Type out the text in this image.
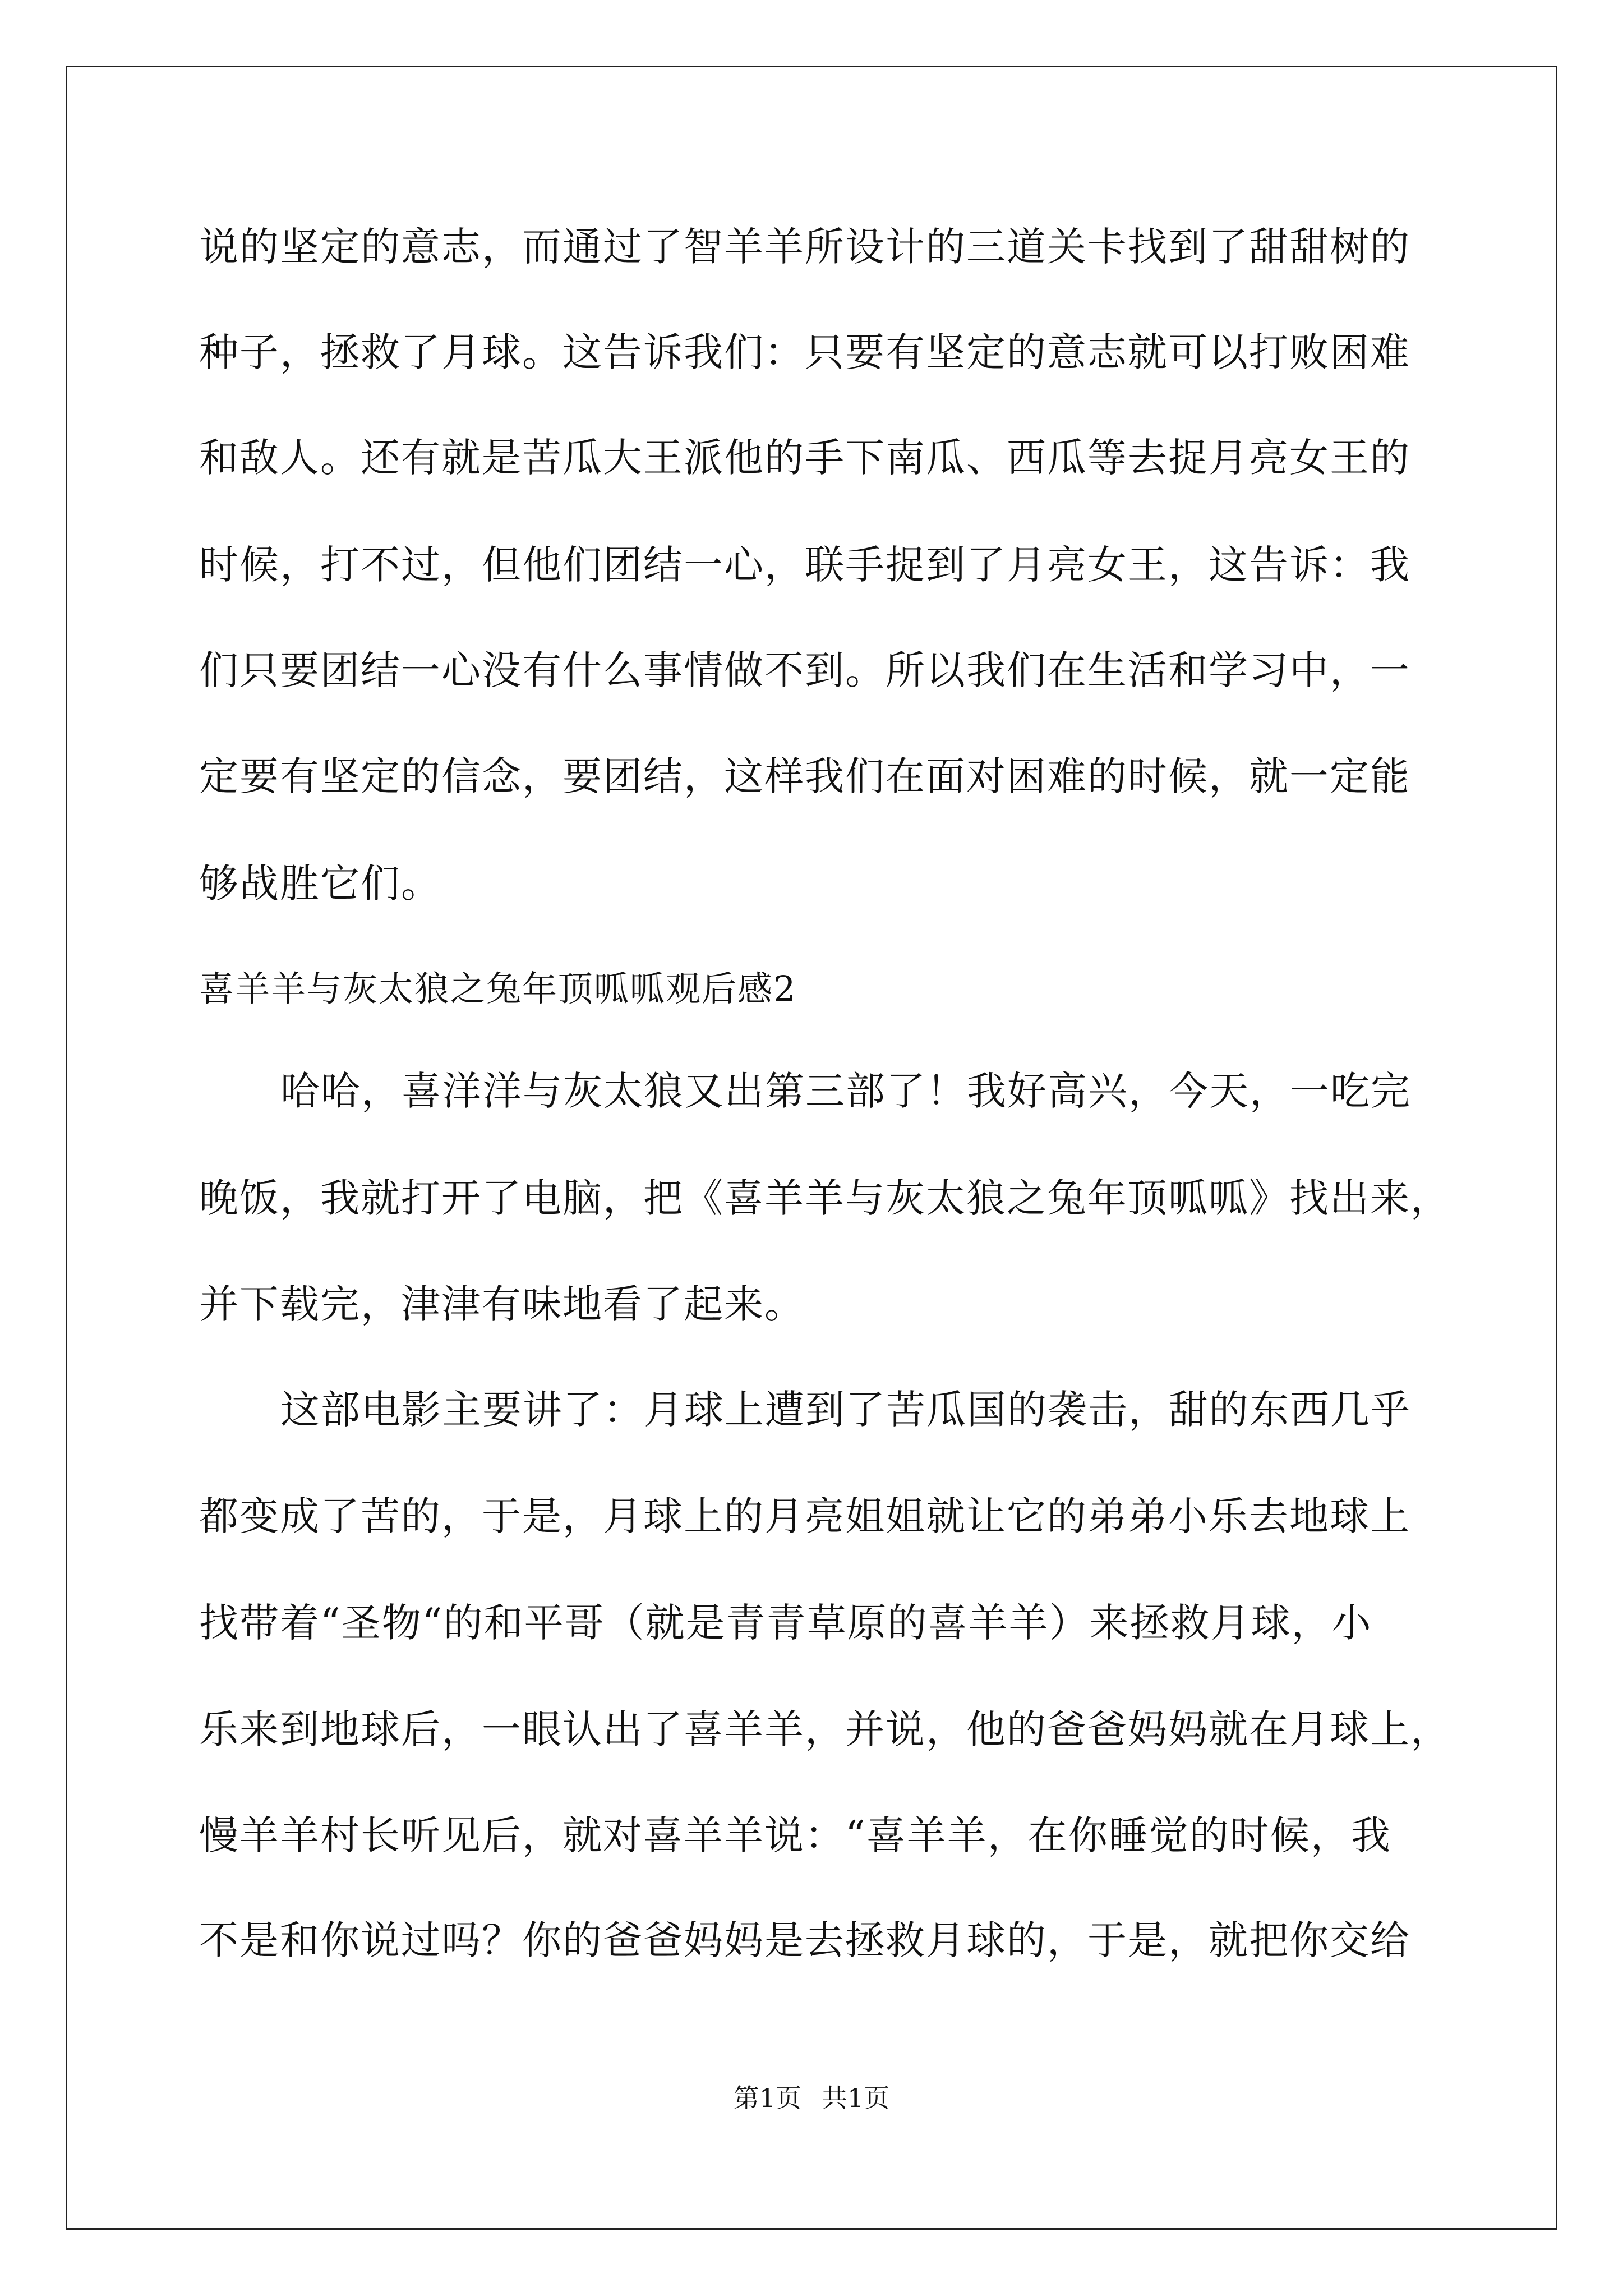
说的坚定的意志，而通过了智羊羊所设计的三道关卡找到了甜甜树的
种子，拯救了月球。这告诉我们：只要有坚定的意志就可以打败困难
和敌人。还有就是苦瓜大王派他的手下南瓜、西瓜等去捉月亮女王的
时候，打不过，但他们团结一心，联手捉到了月亮女王，这告诉：我
们只要团结一心没有什么事情做不到。所以我们在生活和学习中，一
定要有坚定的信念，要团结，这样我们在面对困难的时候，就一定能
够战胜它们。
喜羊羊与灰太狼之兔年顶呱呱观后感2
哈哈，喜洋洋与灰太狼又出第三部了！我好高兴，今天，一吃完
晚饭，我就打开了电脑，把《喜羊羊与灰太狼之兔年顶呱呱》找出来，
并下载完，津津有味地看了起来。
这部电影主要讲了：月球上遭到了苦瓜国的袭击，甜的东西几乎
都变成了苦的，于是，月球上的月亮姐姐就让它的弟弟小乐去地球上
找带着“圣物“的和平哥（就是青青草原的喜羊羊）来拯救月球，小
乐来到地球后，一眼认出了喜羊羊，并说，他的爸爸妈妈就在月球上，
慢羊羊村长听见后，就对喜羊羊说：“喜羊羊，在你睡觉的时候，我
不是和你说过吗？你的爸爸妈妈是去拯救月球的，于是，就把你交给
第1页 共1页
